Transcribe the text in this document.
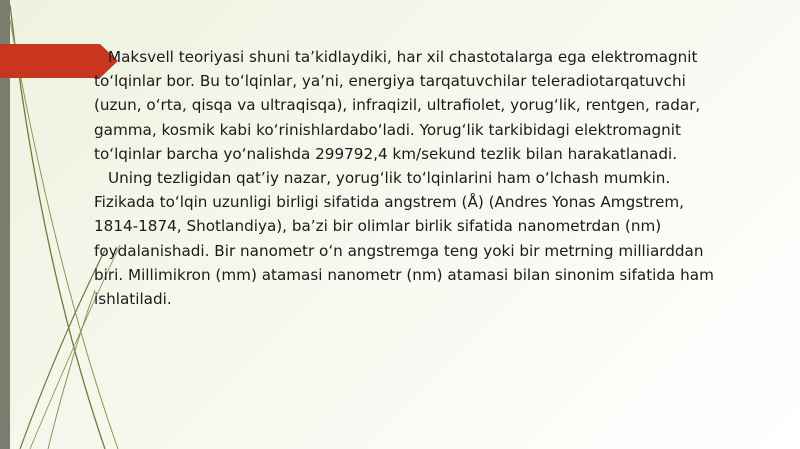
Maksvell teoriyasi shuni taʼkidlaydiki, har xil chastotalarga ega elektromagnit toʻlqinlar bor. Bu toʻlqinlar, yaʼni, energiya tarqatuvchilar teleradiotarqatuvchi (uzun, oʻrta, qisqa va ultraqisqa), infraqizil, ultrafiolet, yorugʻlik, rentgen, radar, gamma, kosmik kabi koʻrinishlardaboʻladi. Yorugʻlik tarkibidagi elektromagnit toʻlqinlar barcha yoʻnalishda 299792,4 km/sekund tezlik bilan harakatlanadi.

Uning tezligidan qatʼiy nazar, yorugʻlik toʻlqinlarini ham oʻlchash mumkin. Fizikada toʻlqin uzunligi birligi sifatida angstrem (Å) (Andres Yonas Amgstrem, 1814-1874, Shotlandiya), baʼzi bir olimlar birlik sifatida nanometrdan (nm) foydalanishadi. Bir nanometr oʻn angstremga teng yoki bir metrning milliarddan biri. Millimikron (mm) atamasi nanometr (nm) atamasi bilan sinonim sifatida ham ishlatiladi.
